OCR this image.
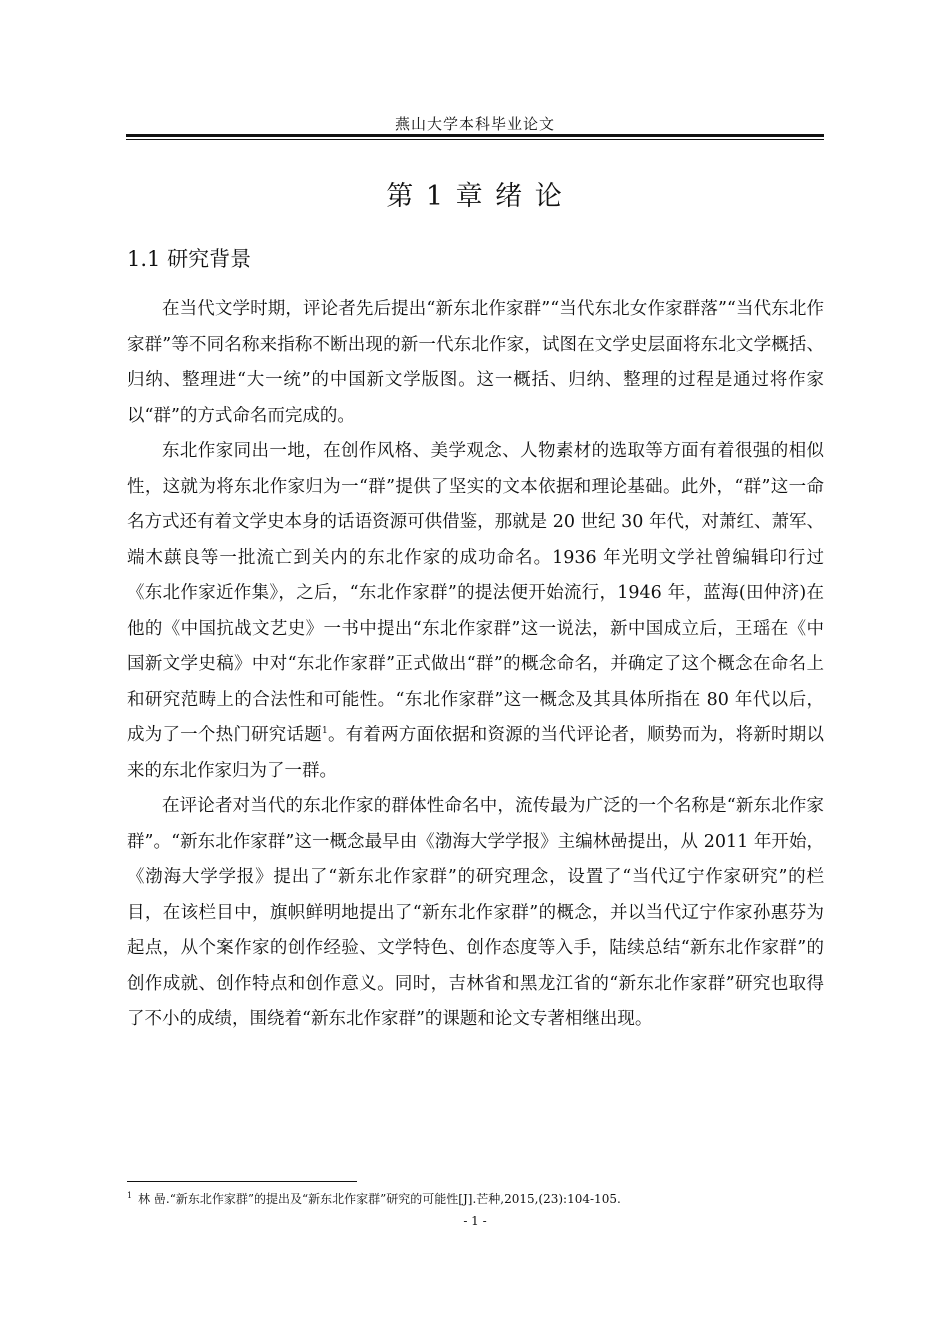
燕山大学本科毕业论文
第 1 章 绪 论
1.1 研究背景

在当代文学时期，评论者先后提出“新东北作家群”“当代东北女作家群落”“当代东北作家群”等不同名称来指称不断出现的新一代东北作家，试图在文学史层面将东北文学概括、归纳、整理进“大一统”的中国新文学版图。这一概括、归纳、整理的过程是通过将作家以“群”的方式命名而完成的。

东北作家同出一地，在创作风格、美学观念、人物素材的选取等方面有着很强的相似性，这就为将东北作家归为一“群”提供了坚实的文本依据和理论基础。此外，“群”这一命名方式还有着文学史本身的话语资源可供借鉴，那就是 20 世纪 30 年代，对萧红、萧军、端木蕻良等一批流亡到关内的东北作家的成功命名。1936 年光明文学社曾编辑印行过《东北作家近作集》，之后，“东北作家群”的提法便开始流行，1946 年，蓝海(田仲济)在他的《中国抗战文艺史》一书中提出“东北作家群”这一说法，新中国成立后，王瑶在《中国新文学史稿》中对“东北作家群”正式做出“群”的概念命名，并确定了这个概念在命名上和研究范畴上的合法性和可能性。“东北作家群”这一概念及其具体所指在 80 年代以后，成为了一个热门研究话题$^1$。有着两方面依据和资源的当代评论者，顺势而为，将新时期以来的东北作家归为了一群。

在评论者对当代的东北作家的群体性命名中，流传最为广泛的一个名称是“新东北作家群”。“新东北作家群”这一概念最早由《渤海大学学报》主编林喦提出，从 2011 年开始，《渤海大学学报》提出了“新东北作家群”的研究理念，设置了“当代辽宁作家研究”的栏目，在该栏目中，旗帜鲜明地提出了“新东北作家群”的概念，并以当代辽宁作家孙惠芬为起点，从个案作家的创作经验、文学特色、创作态度等入手，陆续总结“新东北作家群”的创作成就、创作特点和创作意义。同时，吉林省和黑龙江省的“新东北作家群”研究也取得了不小的成绩，围绕着“新东北作家群”的课题和论文专著相继出现。

$^1$ 林 喦.“新东北作家群”的提出及“新东北作家群”研究的可能性[J].芒种,2015,(23):104-105.
- 1 -
